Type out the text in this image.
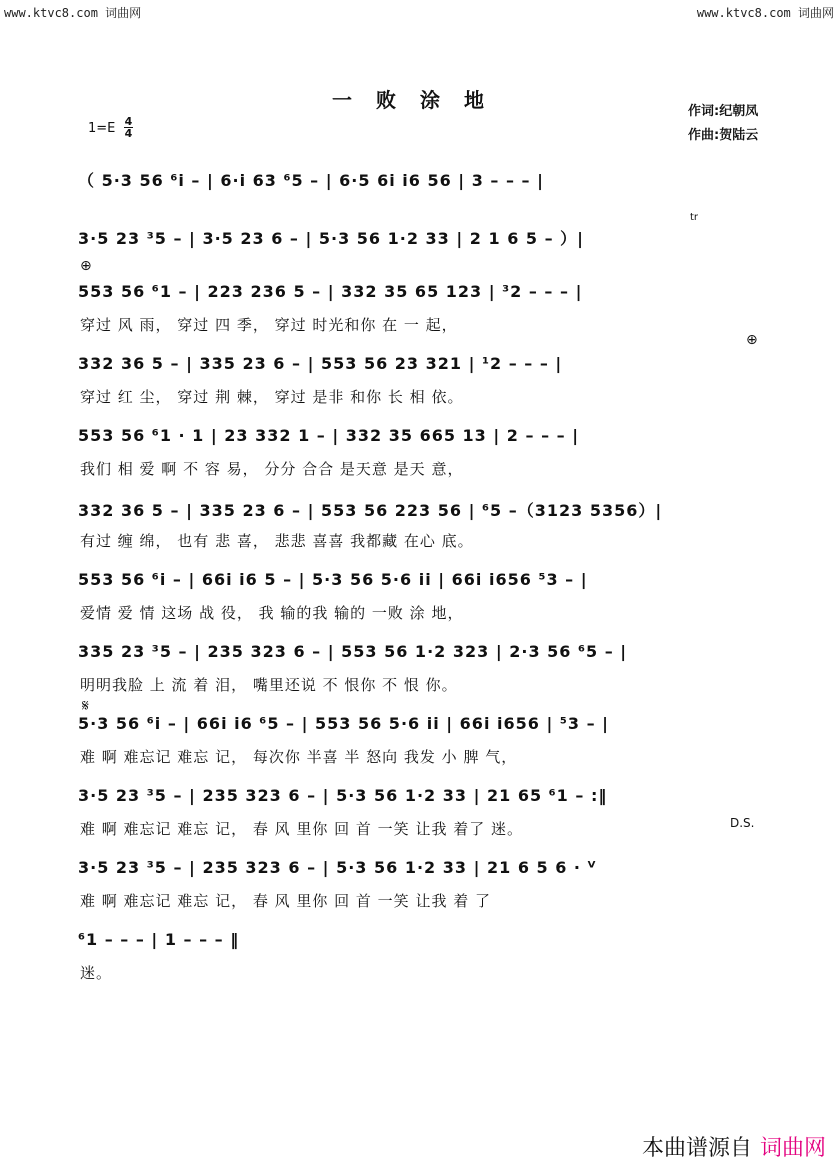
www.ktvc8.com 词曲网	www.ktvc8.com 词曲网
一败涂地	作词:纪朝凤
作曲:贺陆云
1=E 4
4
（ 5·3 56 ⁶i – | 6·i 63 ⁶5 – | 6·5 6i i6 56 | 3 – – – |
tr
3·5 23 ³5 – | 3·5 23 6 – | 5·3 56 1·2 33 | 2 1 6 5 – ）|
⊕
553 56 ⁶1 – | 223 236 5 – | 332 35 65 123 | ³2 – – – |
穿过 风 雨， 穿过 四 季， 穿过 时光和你 在 一 起，
⊕
332 36 5 – | 335 23 6 – | 553 56 23 321 | ¹2 – – – |
穿过 红 尘， 穿过 荆 棘， 穿过 是非 和你 长 相 依。
553 56 ⁶1 · 1 | 23 332 1 – | 332 35 665 13 | 2 – – – |
我们 相 爱 啊 不 容 易， 分分 合合 是天意 是天 意，
332 36 5 – | 335 23 6 – | 553 56 223 56 | ⁶5 –（3123 5356）|
有过 缠 绵， 也有 悲 喜， 悲悲 喜喜 我都藏 在心 底。
553 56 ⁶i – | 66i i6 5 – | 5·3 56 5·6 ii | 66i i656 ⁵3 – |
爱情 爱 情 这场 战 役， 我 输的我 输的 一败 涂 地，
335 23 ³5 – | 235 323 6 – | 553 56 1·2 323 | 2·3 56 ⁶5 – |
明明我脸 上 流 着 泪， 嘴里还说 不 恨你 不 恨 你。
𝄋
5·3 56 ⁶i – | 66i i6 ⁶5 – | 553 56 5·6 ii | 66i i656 | ⁵3 – |
难 啊 难忘记 难忘 记， 每次你 半喜 半 怒向 我发 小 脾 气，
3·5 23 ³5 – | 235 323 6 – | 5·3 56 1·2 33 | 21 65 ⁶1 – :‖
难 啊 难忘记 难忘 记， 春 风 里你 回 首 一笑 让我 着了 迷。	D.S.
3·5 23 ³5 – | 235 323 6 – | 5·3 56 1·2 33 | 21 6 5 6 · ⱽ
难 啊 难忘记 难忘 记， 春 风 里你 回 首 一笑 让我 着 了
⁶1 – – – | 1 – – – ‖
迷。
本曲谱源自 词曲网
